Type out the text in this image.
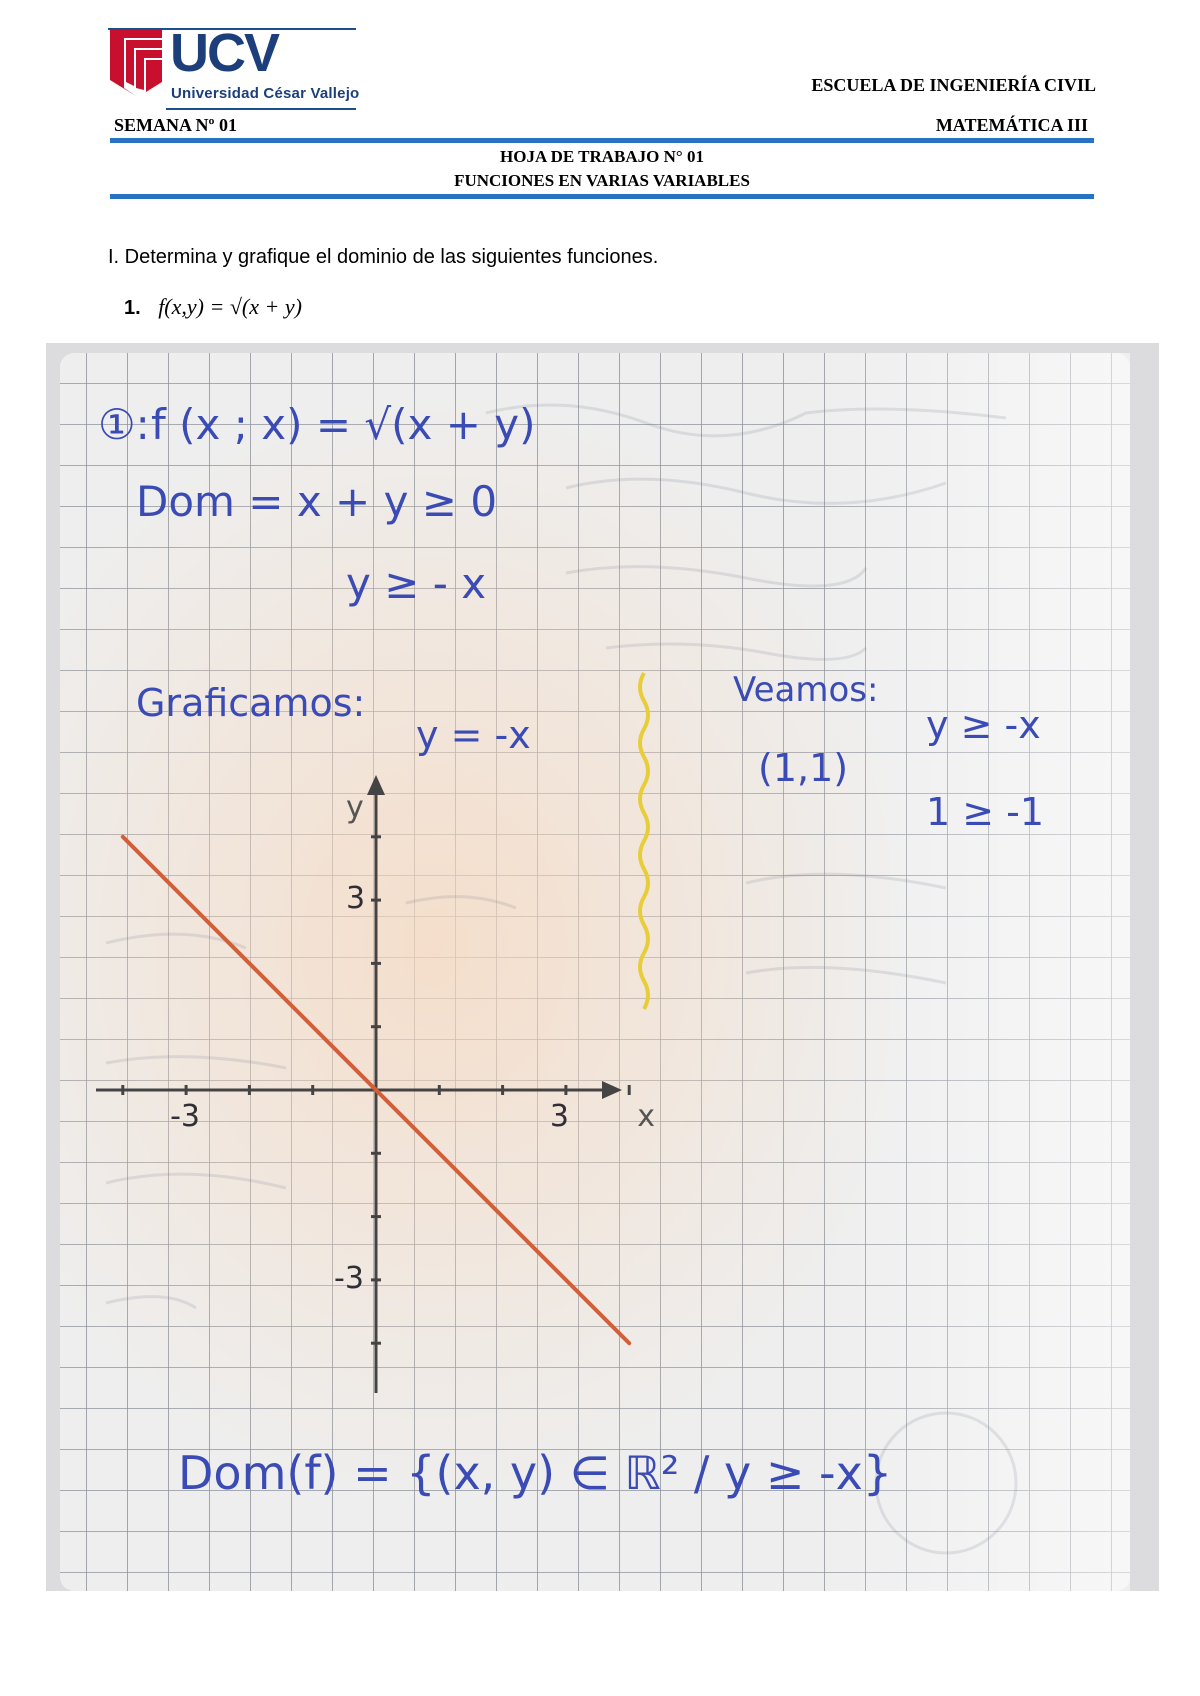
UCV
Universidad César Vallejo	ESCUELA DE INGENIERÍA CIVIL
SEMANA Nº 01	MATEMÁTICA III
HOJA DE TRABAJO N° 01
FUNCIONES EN VARIAS VARIABLES
I. Determina y grafique el dominio de las siguientes funciones.
1. f(x,y) = √(x + y)
①: f (x ; x) = √(x + y)
Dom = x + y ≥ 0
y ≥ - x
Graficamos:
y = -x
Veamos:
(1,1)
y ≥ -x
1 ≥ -1
Dom(f) = {(x, y) ∈ ℝ² / y ≥ -x}
-3	3
3
-3
x
y
